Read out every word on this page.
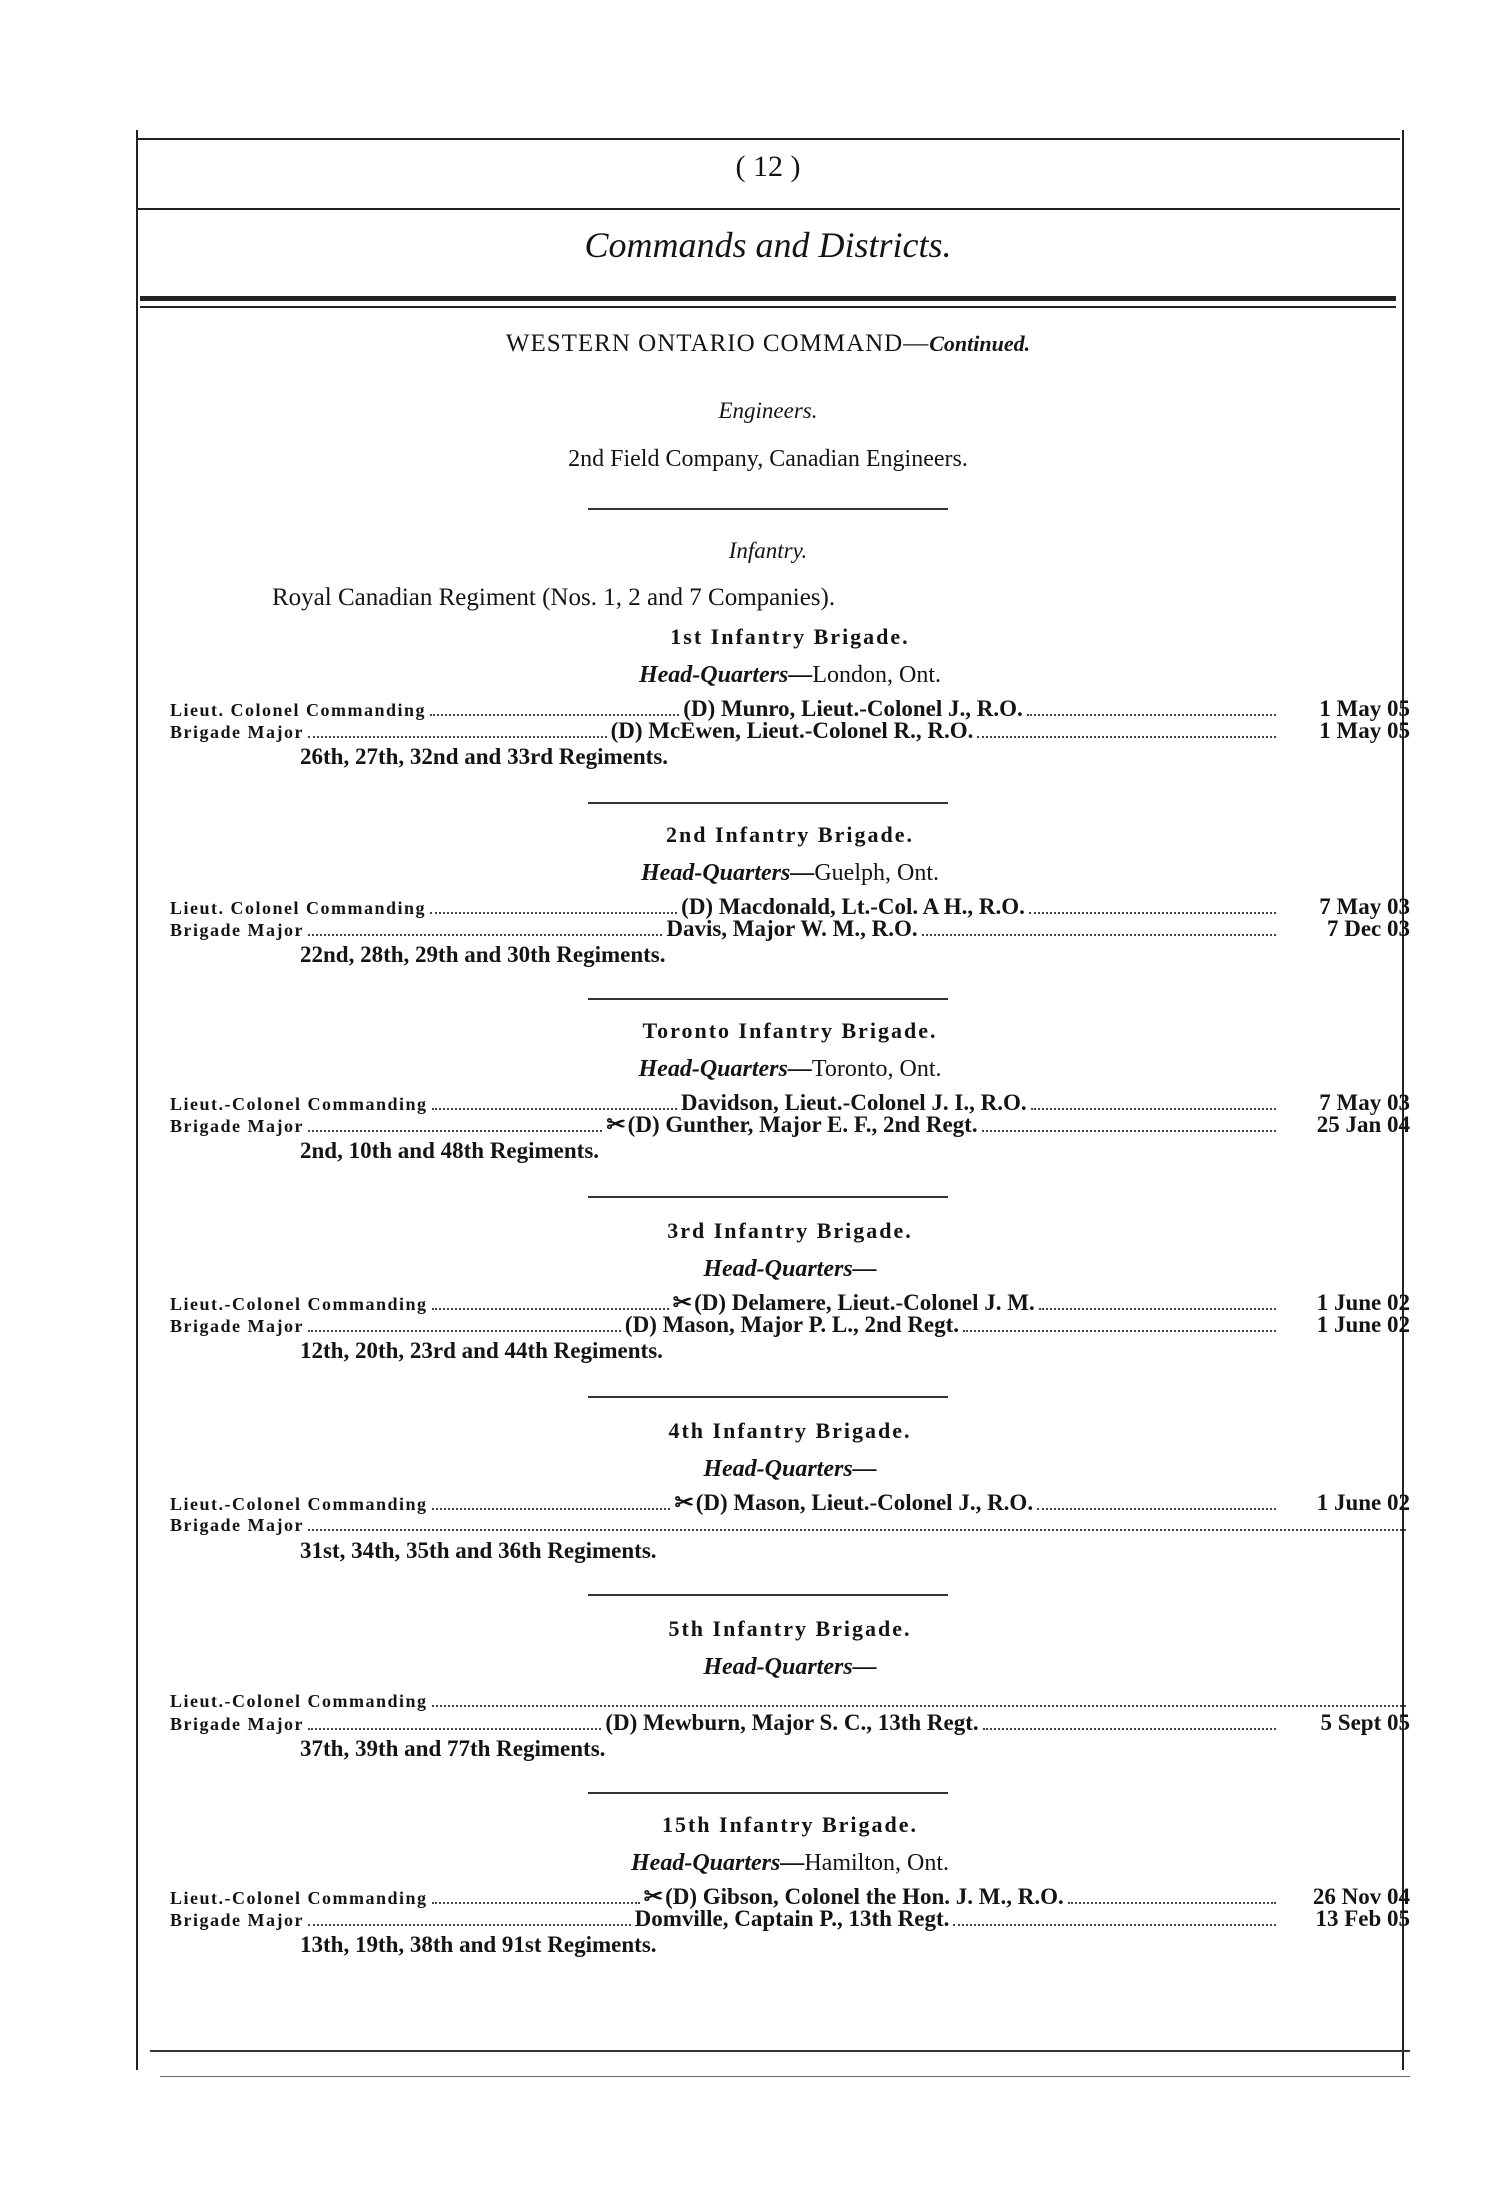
( 12 )
Commands and Districts.
WESTERN ONTARIO COMMAND—Continued.
Engineers.
2nd Field Company, Canadian Engineers.
Infantry.
Royal Canadian Regiment (Nos. 1, 2 and 7 Companies).
1st Infantry Brigade.
Head-Quarters—London, Ont.
Lieut. Colonel Commanding	(D) Munro, Lieut.-Colonel J., R.O.	1 May 05
Brigade Major	(D) McEwen, Lieut.-Colonel R., R.O.	1 May 05
26th, 27th, 32nd and 33rd Regiments.
2nd Infantry Brigade.
Head-Quarters—Guelph, Ont.
Lieut. Colonel Commanding	(D) Macdonald, Lt.-Col. A H., R.O.	7 May 03
Brigade Major	Davis, Major W. M., R.O.	7 Dec 03
22nd, 28th, 29th and 30th Regiments.
Toronto Infantry Brigade.
Head-Quarters—Toronto, Ont.
Lieut.-Colonel Commanding	Davidson, Lieut.-Colonel J. I., R.O.	7 May 03
Brigade Major	✂ (D) Gunther, Major E. F., 2nd Regt.	25 Jan 04
2nd, 10th and 48th Regiments.
3rd Infantry Brigade.
Head-Quarters—
Lieut.-Colonel Commanding	✂ (D) Delamere, Lieut.-Colonel J. M.	1 June 02
Brigade Major	(D) Mason, Major P. L., 2nd Regt.	1 June 02
12th, 20th, 23rd and 44th Regiments.
4th Infantry Brigade.
Head-Quarters—
Lieut.-Colonel Commanding	✂ (D) Mason, Lieut.-Colonel J., R.O.	1 June 02
Brigade Major
31st, 34th, 35th and 36th Regiments.
5th Infantry Brigade.
Head-Quarters—
Lieut.-Colonel Commanding
Brigade Major	(D) Mewburn, Major S. C., 13th Regt.	5 Sept 05
37th, 39th and 77th Regiments.
15th Infantry Brigade.
Head-Quarters—Hamilton, Ont.
Lieut.-Colonel Commanding	✂ (D) Gibson, Colonel the Hon. J. M., R.O.	26 Nov 04
Brigade Major	Domville, Captain P., 13th Regt.	13 Feb 05
13th, 19th, 38th and 91st Regiments.
